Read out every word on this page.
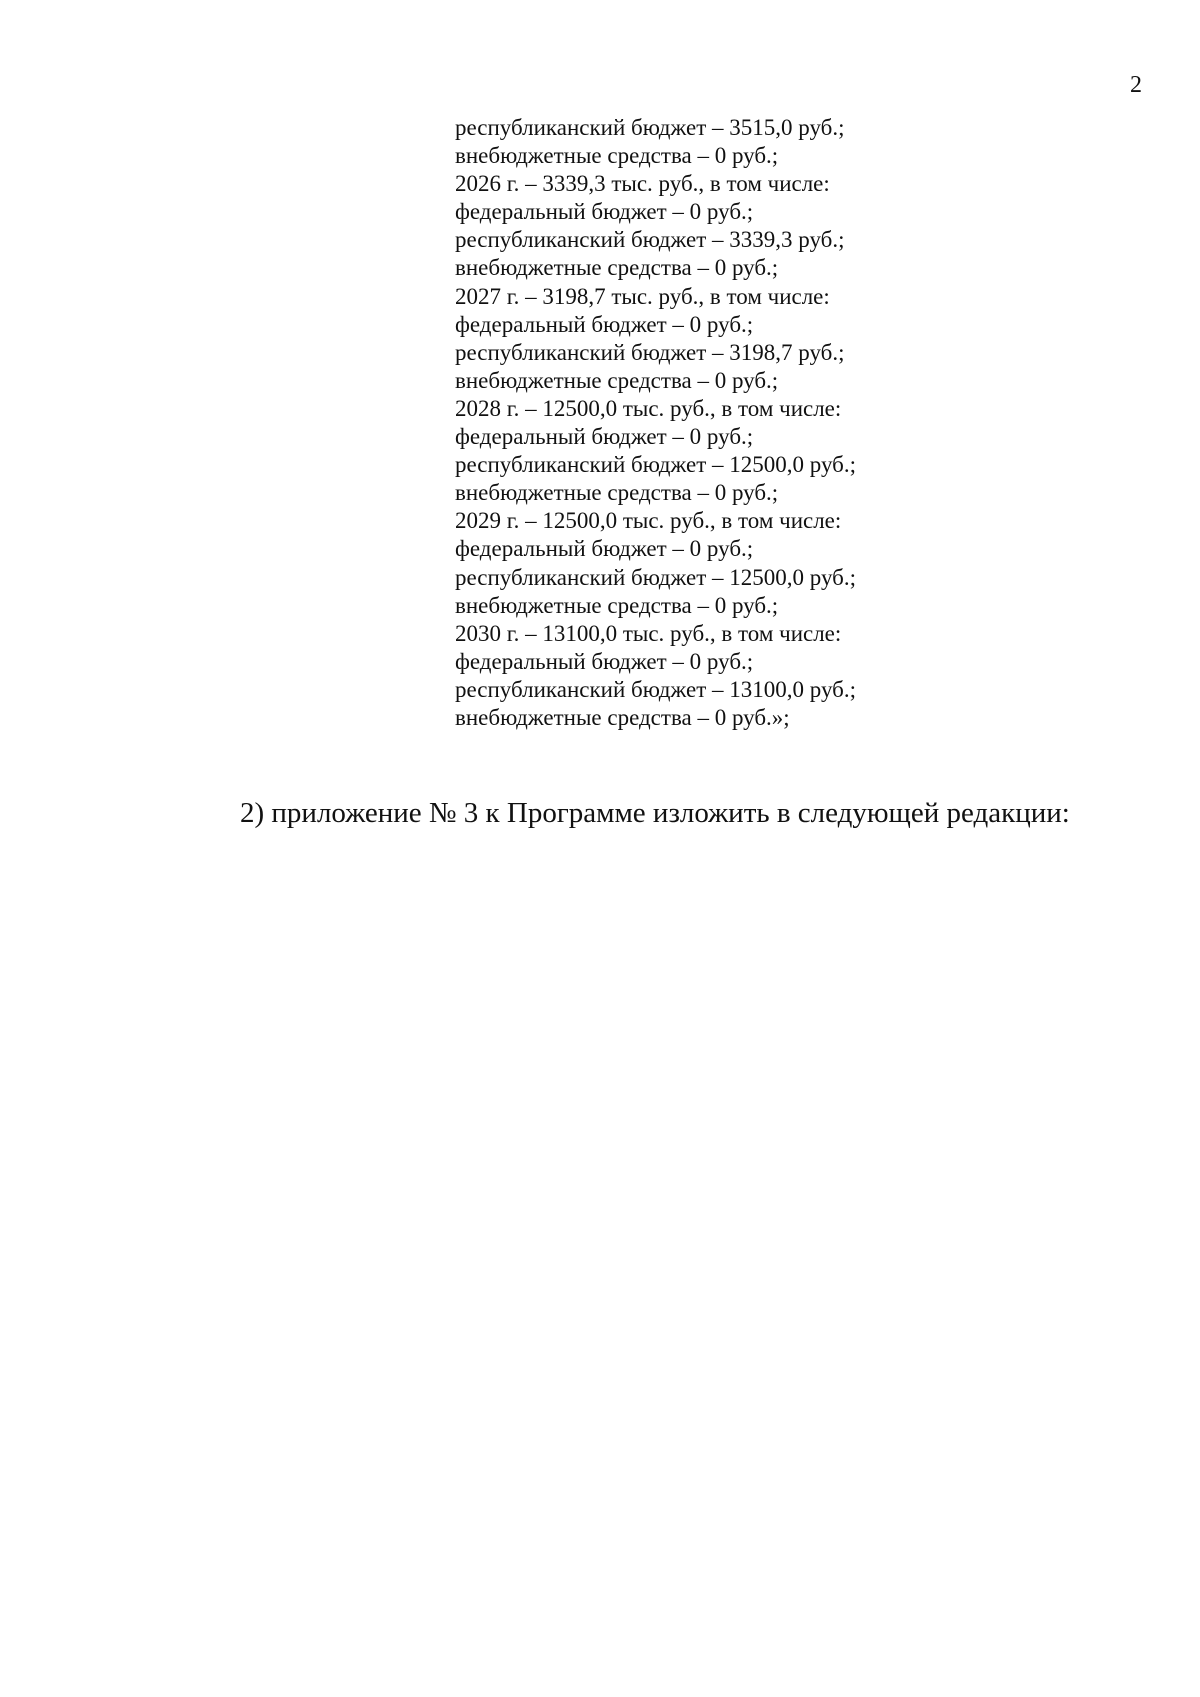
2
республиканский бюджет – 3515,0 руб.;
внебюджетные средства – 0 руб.;
2026 г. – 3339,3 тыс. руб., в том числе:
федеральный бюджет – 0 руб.;
республиканский бюджет – 3339,3 руб.;
внебюджетные средства – 0 руб.;
2027 г. – 3198,7 тыс. руб., в том числе:
федеральный бюджет – 0 руб.;
республиканский бюджет – 3198,7 руб.;
внебюджетные средства – 0 руб.;
2028 г. – 12500,0 тыс. руб., в том числе:
федеральный бюджет – 0 руб.;
республиканский бюджет – 12500,0 руб.;
внебюджетные средства – 0 руб.;
2029 г. – 12500,0 тыс. руб., в том числе:
федеральный бюджет – 0 руб.;
республиканский бюджет – 12500,0 руб.;
внебюджетные средства – 0 руб.;
2030 г. – 13100,0 тыс. руб., в том числе:
федеральный бюджет – 0 руб.;
республиканский бюджет – 13100,0 руб.;
внебюджетные средства – 0 руб.»;
2) приложение № 3 к Программе изложить в следующей редакции:
